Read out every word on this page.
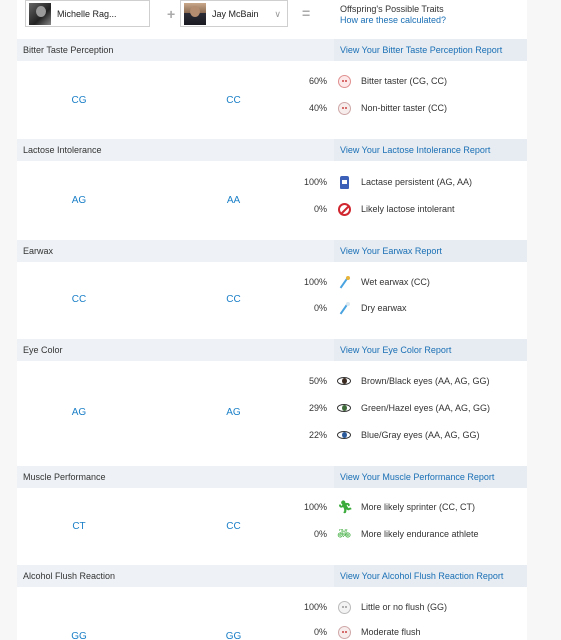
Michelle Rag...	+	Jay McBain ∨ =	Offspring's Possible Traits
How are these calculated?
Bitter Taste Perception	View Your Bitter Taste Perception Report
CG	CC
60%	Bitter taster (CG, CC)
40%	Non-bitter taster (CC)
Lactose Intolerance	View Your Lactose Intolerance Report
AG	AA
100%	Lactase persistent (AG, AA)
0%	Likely lactose intolerant
Earwax	View Your Earwax Report
CC	CC
100%	Wet earwax (CC)
0%	Dry earwax
Eye Color	View Your Eye Color Report
AG	AG
50%	Brown/Black eyes (AA, AG, GG)
29%	Green/Hazel eyes (AA, AG, GG)
22%	Blue/Gray eyes (AA, AG, GG)
Muscle Performance	View Your Muscle Performance Report
CT	CC
100% 🏃︎ More likely sprinter (CC, CT)
0% 🚲︎ More likely endurance athlete
Alcohol Flush Reaction	View Your Alcohol Flush Reaction Report
GG	GG
100%	Little or no flush (GG)
0%	Moderate flush
